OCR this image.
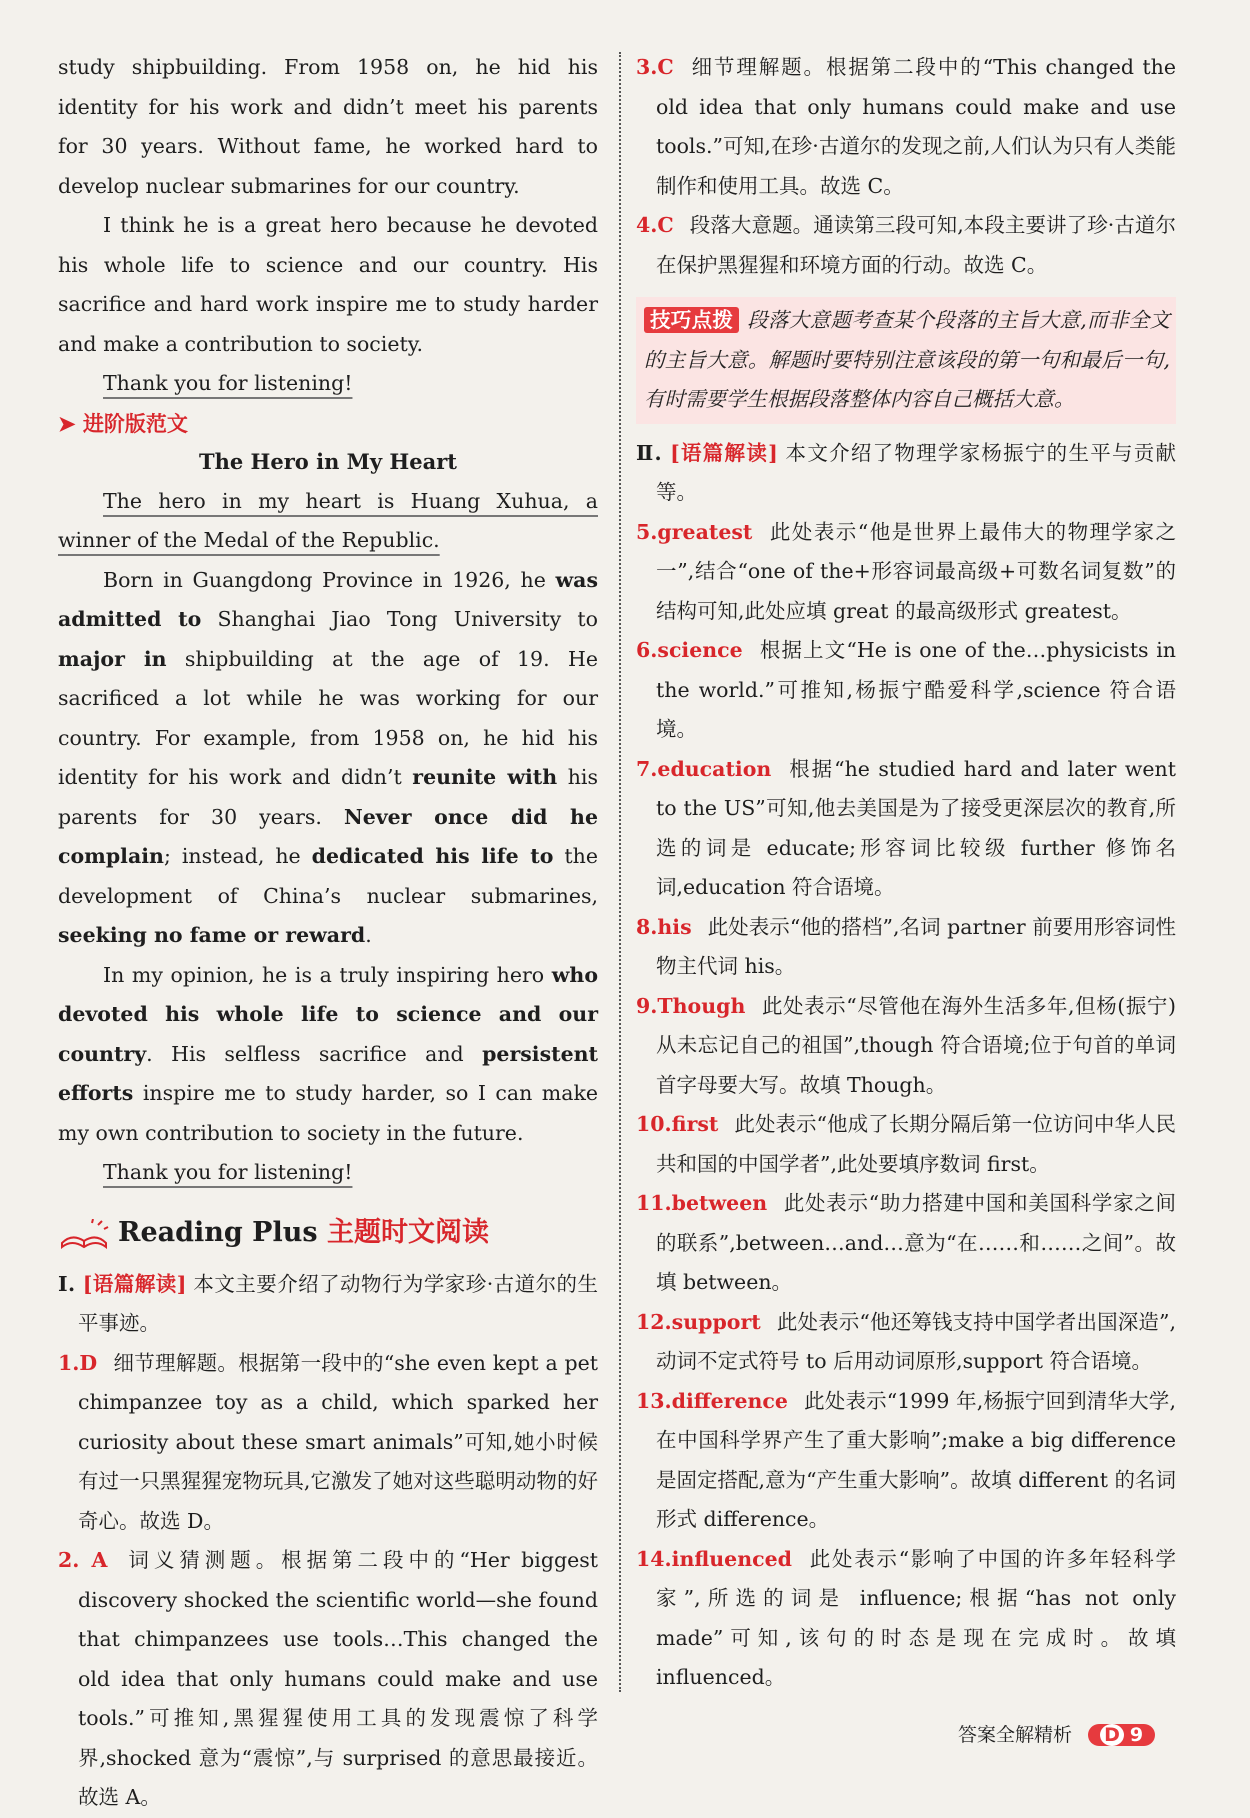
study shipbuilding. From 1958 on, he hid his identity for his work and didn’t meet his parents for 30 years. Without fame, he worked hard to develop nuclear submarines for our country.

I think he is a great hero because he devoted his whole life to science and our country. His sacrifice and hard work inspire me to study harder and make a contribution to society.

Thank you for listening!

➤ 进阶版范文
The Hero in My Heart

The hero in my heart is Huang Xuhua, a winner of the Medal of the Republic.

Born in Guangdong Province in 1926, he was admitted to Shanghai Jiao Tong University to major in shipbuilding at the age of 19. He sacrificed a lot while he was working for our country. For example, from 1958 on, he hid his identity for his work and didn’t reunite with his parents for 30 years. Never once did he complain; instead, he dedicated his life to the development of China’s nuclear submarines, seeking no fame or reward.

In my opinion, he is a truly inspiring hero who devoted his whole life to science and our country. His selfless sacrifice and persistent efforts inspire me to study harder, so I can make my own contribution to society in the future.

Thank you for listening!

Reading Plus 主题时文阅读

Ⅰ. [语篇解读] 本文主要介绍了动物行为学家珍·古道尔的生平事迹。

1.D 细节理解题。根据第一段中的“she even kept a pet chimpanzee toy as a child, which sparked her curiosity about these smart animals”可知,她小时候有过一只黑猩猩宠物玩具,它激发了她对这些聪明动物的好奇心。故选 D。

2. A 词义猜测题。根据第二段中的“Her biggest discovery shocked the scientific world—she found that chimpanzees use tools…This changed the old idea that only humans could make and use tools.”可推知,黑猩猩使用工具的发现震惊了科学界,shocked 意为“震惊”,与 surprised 的意思最接近。故选 A。

3.C 细节理解题。根据第二段中的“This changed the old idea that only humans could make and use tools.”可知,在珍·古道尔的发现之前,人们认为只有人类能制作和使用工具。故选 C。

4.C 段落大意题。通读第三段可知,本段主要讲了珍·古道尔在保护黑猩猩和环境方面的行动。故选 C。

技巧点拨 段落大意题考查某个段落的主旨大意,而非全文的主旨大意。解题时要特别注意该段的第一句和最后一句,有时需要学生根据段落整体内容自己概括大意。

Ⅱ. [语篇解读] 本文介绍了物理学家杨振宁的生平与贡献等。

5.greatest 此处表示“他是世界上最伟大的物理学家之一”,结合“one of the+形容词最高级+可数名词复数”的结构可知,此处应填 great 的最高级形式 greatest。

6.science 根据上文“He is one of the…physicists in the world.”可推知,杨振宁酷爱科学,science 符合语境。

7.education 根据“he studied hard and later went to the US”可知,他去美国是为了接受更深层次的教育,所选的词是 educate;形容词比较级 further 修饰名词,education 符合语境。

8.his 此处表示“他的搭档”,名词 partner 前要用形容词性物主代词 his。

9.Though 此处表示“尽管他在海外生活多年,但杨(振宁)从未忘记自己的祖国”,though 符合语境;位于句首的单词首字母要大写。故填 Though。

10.first 此处表示“他成了长期分隔后第一位访问中华人民共和国的中国学者”,此处要填序数词 first。

11.between 此处表示“助力搭建中国和美国科学家之间的联系”,between…and…意为“在……和……之间”。故填 between。

12.support 此处表示“他还筹钱支持中国学者出国深造”,动词不定式符号 to 后用动词原形,support 符合语境。

13.difference 此处表示“1999 年,杨振宁回到清华大学,在中国科学界产生了重大影响”;make a big difference 是固定搭配,意为“产生重大影响”。故填 different 的名词形式 difference。

14.influenced 此处表示“影响了中国的许多年轻科学家”,所选的词是 influence;根据“has not only made”可知,该句的时态是现在完成时。故填 influenced。

答案全解精析 D 9
